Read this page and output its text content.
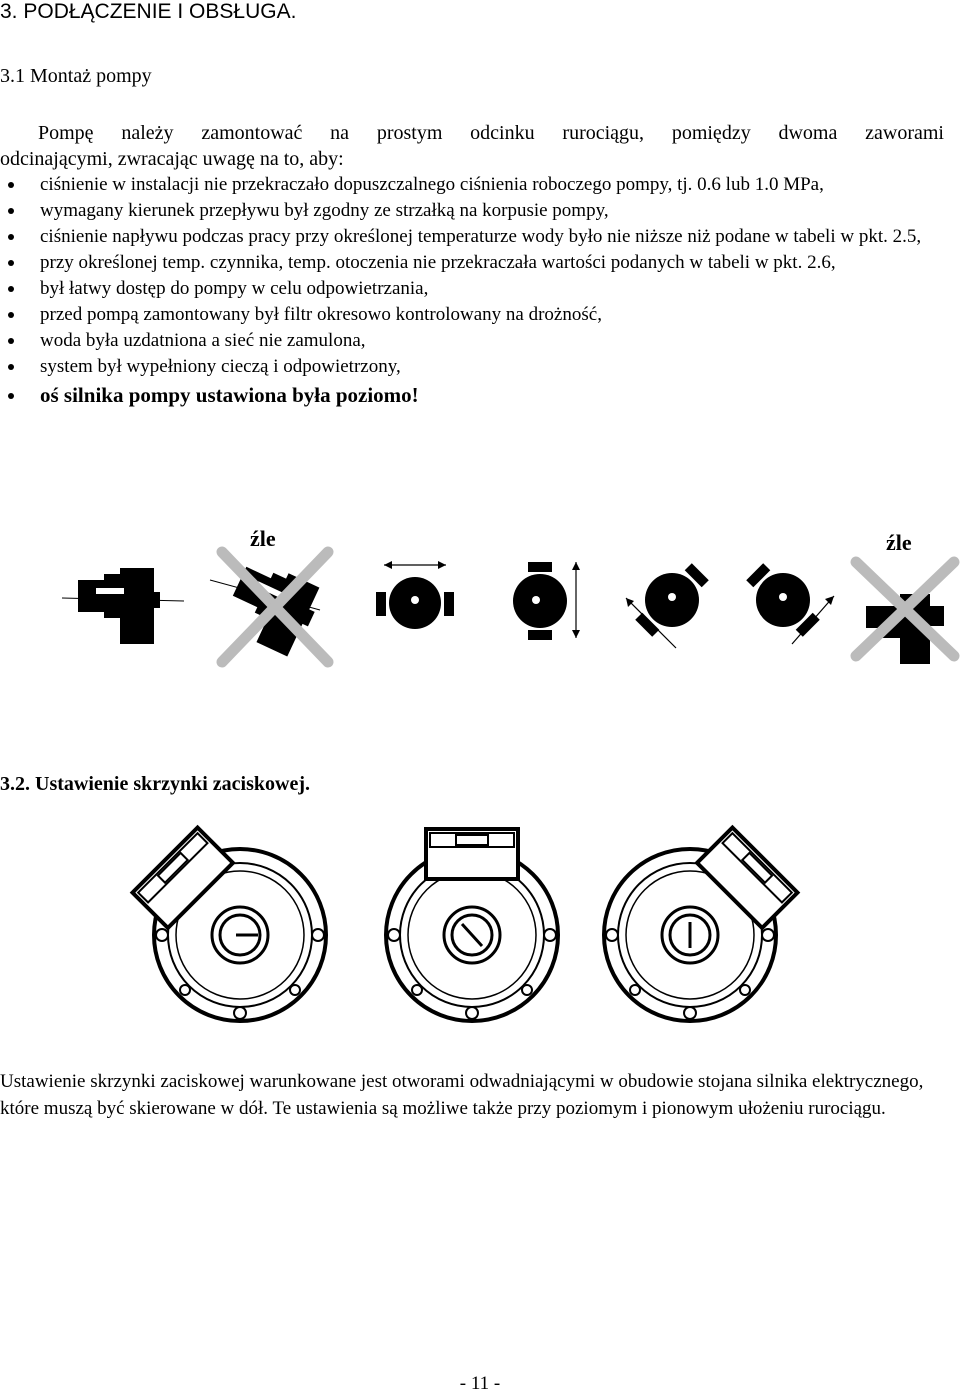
3. PODŁĄCZENIE I OBSŁUGA.
3.1 Montaż pompy
Pompę należy zamontować na prostym odcinku rurociągu, pomiędzy dwoma zaworami
odcinającymi, zwracając uwagę na to, aby:
ciśnienie w instalacji nie przekraczało dopuszczalnego ciśnienia roboczego pompy, tj. 0.6 lub 1.0 MPa,
wymagany kierunek przepływu był zgodny ze strzałką na korpusie pompy,
ciśnienie napływu podczas pracy przy określonej temperaturze wody było nie niższe niż podane w tabeli w pkt. 2.5,
przy określonej temp. czynnika, temp. otoczenia nie przekraczała wartości podanych w tabeli w pkt. 2.6,
był łatwy dostęp do pompy w celu odpowietrzania,
przed pompą zamontowany był filtr okresowo kontrolowany na drożność,
woda była uzdatniona a sieć nie zamulona,
system był wypełniony cieczą i odpowietrzony,
oś silnika pompy ustawiona była poziomo!
źle	źle
3.2. Ustawienie skrzynki zaciskowej.
Ustawienie skrzynki zaciskowej warunkowane jest otworami odwadniającymi w obudowie stojana silnika elektrycznego, które muszą być skierowane w dół. Te ustawienia są możliwe także przy poziomym i pionowym ułożeniu rurociągu.
- 11 -
